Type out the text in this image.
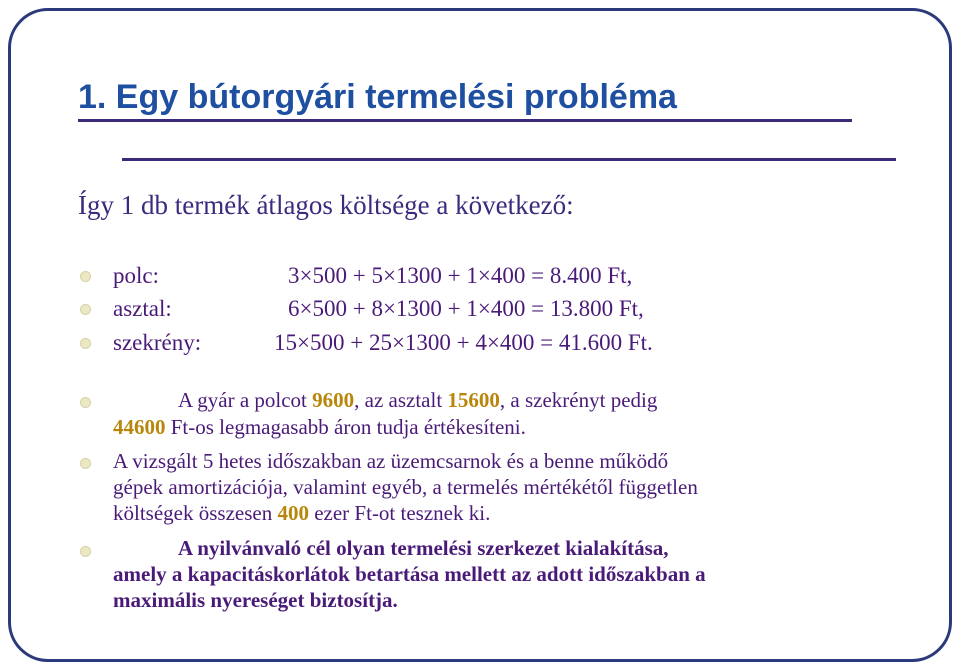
1. Egy bútorgyári termelési probléma
Így 1 db termék átlagos költsége a következő:
polc:	3×500 + 5×1300 + 1×400 = 8.400 Ft,
asztal:	6×500 + 8×1300 + 1×400 = 13.800 Ft,
szekrény:	15×500 + 25×1300 + 4×400 = 41.600 Ft.
A gyár a polcot 9600, az asztalt 15600, a szekrényt pedig
44600 Ft-os legmagasabb áron tudja értékesíteni.
A vizsgált 5 hetes időszakban az üzemcsarnok és a benne működő
gépek amortizációja, valamint egyéb, a termelés mértékétől független
költségek összesen 400 ezer Ft-ot tesznek ki.
A nyilvánvaló cél olyan termelési szerkezet kialakítása,
amely a kapacitáskorlátok betartása mellett az adott időszakban a
maximális nyereséget biztosítja.
